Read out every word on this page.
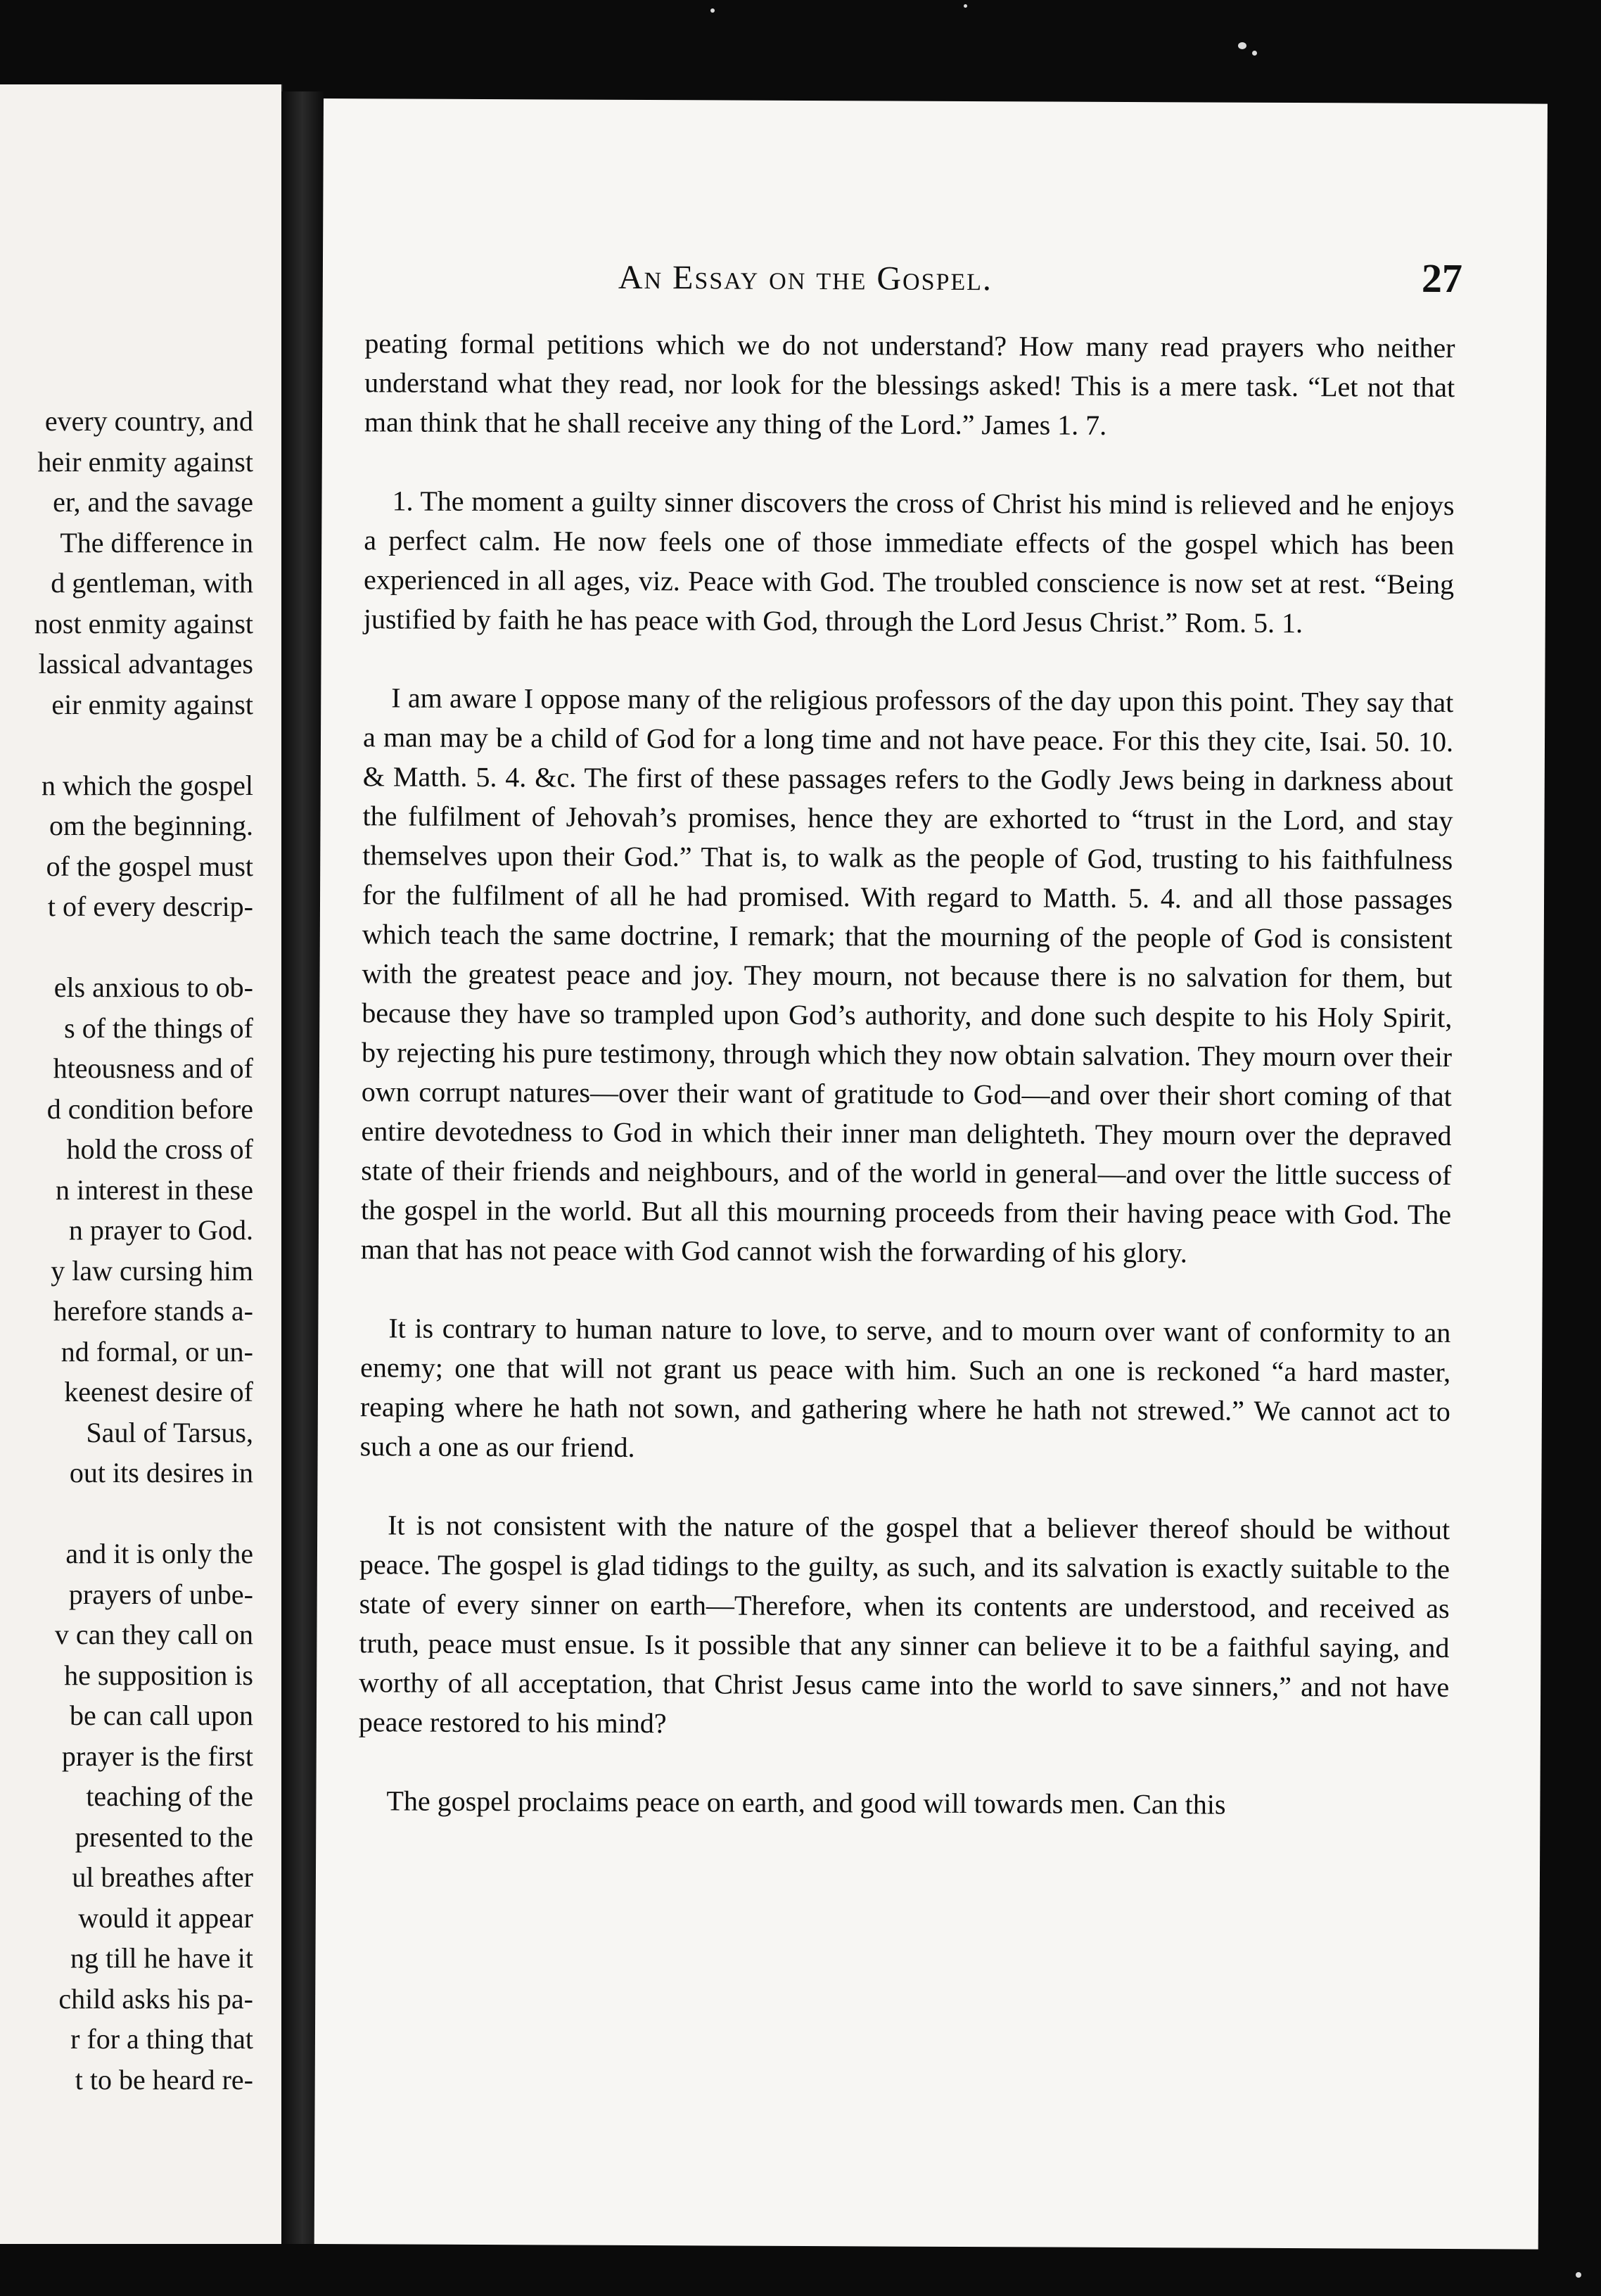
every country, and
heir enmity against
er, and the savage
The difference in
d gentleman, with
nost enmity against
lassical advantages
eir enmity against
n which the gospel
om the beginning.
of the gospel must
t of every descrip-
els anxious to ob-
s of the things of
hteousness and of
d condition before
hold the cross of
n interest in these
n prayer to God.
y law cursing him
herefore stands a-
nd formal, or un-
keenest desire of
Saul of Tarsus,
out its desires in
and it is only the
prayers of unbe-
v can they call on
he supposition is
be can call upon
prayer is the first
teaching of the
presented to the
ul breathes after
would it appear
ng till he have it
child asks his pa-
r for a thing that
t to be heard re-
An Essay on the Gospel.	27

peating formal petitions which we do not understand? How many read prayers who neither understand what they read, nor look for the blessings asked! This is a mere task. “Let not that man think that he shall receive any thing of the Lord.” James 1. 7.

1. The moment a guilty sinner discovers the cross of Christ his mind is relieved and he enjoys a perfect calm. He now feels one of those immediate effects of the gospel which has been experienced in all ages, viz. Peace with God. The troubled conscience is now set at rest. “Being justified by faith he has peace with God, through the Lord Jesus Christ.” Rom. 5. 1.

I am aware I oppose many of the religious professors of the day upon this point. They say that a man may be a child of God for a long time and not have peace. For this they cite, Isai. 50. 10. & Matth. 5. 4. &c. The first of these passages refers to the Godly Jews being in darkness about the fulfilment of Jehovah’s promises, hence they are exhorted to “trust in the Lord, and stay themselves upon their God.” That is, to walk as the people of God, trusting to his faithfulness for the fulfilment of all he had promised. With regard to Matth. 5. 4. and all those passages which teach the same doctrine, I remark; that the mourning of the people of God is consistent with the greatest peace and joy. They mourn, not because there is no salvation for them, but because they have so trampled upon God’s authority, and done such despite to his Holy Spirit, by rejecting his pure testimony, through which they now obtain salvation. They mourn over their own corrupt natures—over their want of gratitude to God—and over their short coming of that entire devotedness to God in which their inner man delighteth. They mourn over the depraved state of their friends and neighbours, and of the world in general—and over the little success of the gospel in the world. But all this mourning proceeds from their having peace with God. The man that has not peace with God cannot wish the forwarding of his glory.

It is contrary to human nature to love, to serve, and to mourn over want of conformity to an enemy; one that will not grant us peace with him. Such an one is reckoned “a hard master, reaping where he hath not sown, and gathering where he hath not strewed.” We cannot act to such a one as our friend.

It is not consistent with the nature of the gospel that a believer thereof should be without peace. The gospel is glad tidings to the guilty, as such, and its salvation is exactly suitable to the state of every sinner on earth—Therefore, when its contents are understood, and received as truth, peace must ensue. Is it possible that any sinner can believe it to be a faithful saying, and worthy of all acceptation, that Christ Jesus came into the world to save sinners,” and not have peace restored to his mind?

The gospel proclaims peace on earth, and good will towards men. Can this
